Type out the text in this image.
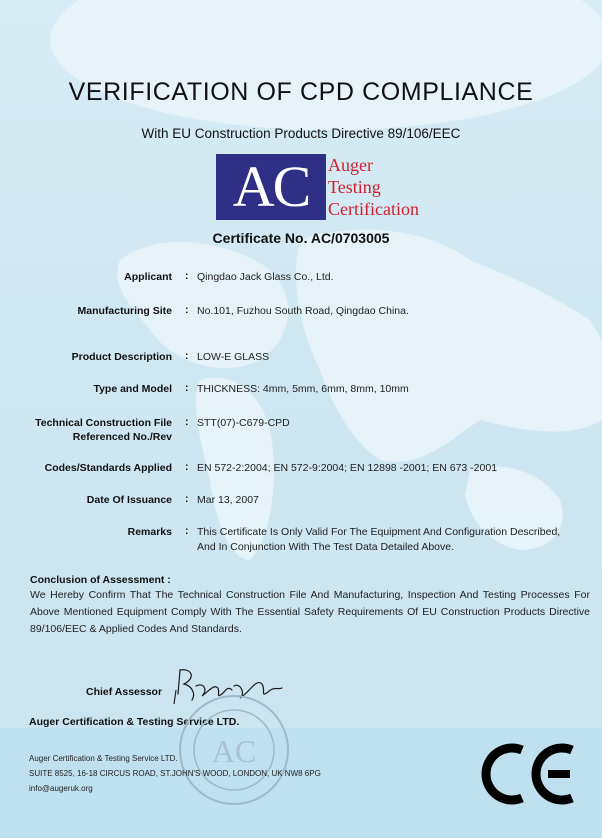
VERIFICATION OF CPD COMPLIANCE
With EU Construction Products Directive 89/106/EEC
AC	Auger
Testing
Certification
Certificate No. AC/0703005
Applicant : Qingdao Jack Glass Co., Ltd.
Manufacturing Site : No.101, Fuzhou South Road, Qingdao China.
Product Description : LOW-E GLASS
Type and Model : THICKNESS: 4mm, 5mm, 6mm, 8mm, 10mm
Technical Construction File
Referenced No./Rev
: STT(07)-C679-CPD
Codes/Standards Applied : EN 572-2:2004; EN 572-9:2004; EN 12898 -2001; EN 673 -2001
Date Of Issuance : Mar 13, 2007
Remarks : This Certificate Is Only Valid For The Equipment And Configuration Described,
And In Conjunction With The Test Data Detailed Above.
Conclusion of Assessment :
We Hereby Confirm That The Technical Construction File And Manufacturing, Inspection And Testing Processes For Above Mentioned Equipment Comply With The Essential Safety Requirements Of EU Construction Products Directive 89/106/EEC & Applied Codes And Standards.
Chief Assessor
Auger Certification & Testing Service LTD.
AC
Auger Certification & Testing Service LTD.
SUITE 8525, 16-18 CIRCUS ROAD, ST.JOHN'S WOOD, LONDON, UK NW8 6PG
info@augeruk.org
